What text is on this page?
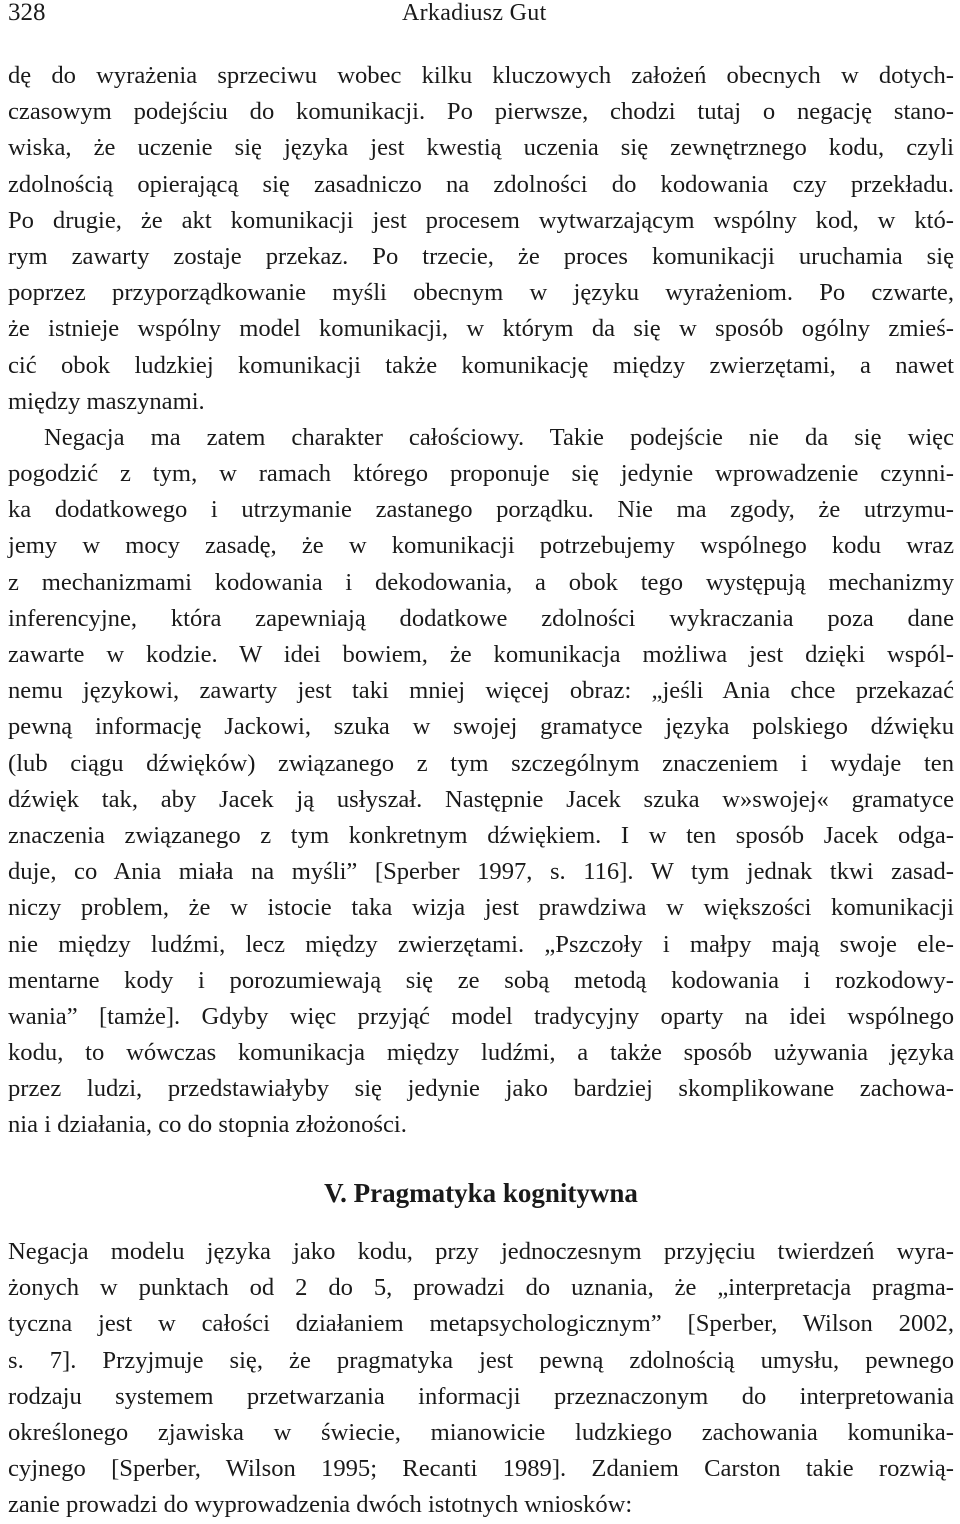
328	Arkadiusz Gut
dę do wyrażenia sprzeciwu wobec kilku kluczowych założeń obecnych w dotych-
czasowym podejściu do komunikacji. Po pierwsze, chodzi tutaj o negację stano-
wiska, że uczenie się języka jest kwestią uczenia się zewnętrznego kodu, czyli
zdolnością opierającą się zasadniczo na zdolności do kodowania czy przekładu.
Po drugie, że akt komunikacji jest procesem wytwarzającym wspólny kod, w któ-
rym zawarty zostaje przekaz. Po trzecie, że proces komunikacji uruchamia się
poprzez przyporządkowanie myśli obecnym w języku wyrażeniom. Po czwarte,
że istnieje wspólny model komunikacji, w którym da się w sposób ogólny zmieś-
cić obok ludzkiej komunikacji także komunikację między zwierzętami, a nawet
między maszynami.
Negacja ma zatem charakter całościowy. Takie podejście nie da się więc
pogodzić z tym, w ramach którego proponuje się jedynie wprowadzenie czynni-
ka dodatkowego i utrzymanie zastanego porządku. Nie ma zgody, że utrzymu-
jemy w mocy zasadę, że w komunikacji potrzebujemy wspólnego kodu wraz
z mechanizmami kodowania i dekodowania, a obok tego występują mechanizmy
inferencyjne, która zapewniają dodatkowe zdolności wykraczania poza dane
zawarte w kodzie. W idei bowiem, że komunikacja możliwa jest dzięki wspól-
nemu językowi, zawarty jest taki mniej więcej obraz: „jeśli Ania chce przekazać
pewną informację Jackowi, szuka w swojej gramatyce języka polskiego dźwięku
(lub ciągu dźwięków) związanego z tym szczególnym znaczeniem i wydaje ten
dźwięk tak, aby Jacek ją usłyszał. Następnie Jacek szuka w»swojej« gramatyce
znaczenia związanego z tym konkretnym dźwiękiem. I w ten sposób Jacek odga-
duje, co Ania miała na myśli” [Sperber 1997, s. 116]. W tym jednak tkwi zasad-
niczy problem, że w istocie taka wizja jest prawdziwa w większości komunikacji
nie między ludźmi, lecz między zwierzętami. „Pszczoły i małpy mają swoje ele-
mentarne kody i porozumiewają się ze sobą metodą kodowania i rozkodowy-
wania” [tamże]. Gdyby więc przyjąć model tradycyjny oparty na idei wspólnego
kodu, to wówczas komunikacja między ludźmi, a także sposób używania języka
przez ludzi, przedstawiałyby się jedynie jako bardziej skomplikowane zachowa-
nia i działania, co do stopnia złożoności.
V. Pragmatyka kognitywna
Negacja modelu języka jako kodu, przy jednoczesnym przyjęciu twierdzeń wyra-
żonych w punktach od 2 do 5, prowadzi do uznania, że „interpretacja pragma-
tyczna jest w całości działaniem metapsychologicznym” [Sperber, Wilson 2002,
s. 7]. Przyjmuje się, że pragmatyka jest pewną zdolnością umysłu, pewnego
rodzaju systemem przetwarzania informacji przeznaczonym do interpretowania
określonego zjawiska w świecie, mianowicie ludzkiego zachowania komunika-
cyjnego [Sperber, Wilson 1995; Recanti 1989]. Zdaniem Carston takie rozwią-
zanie prowadzi do wyprowadzenia dwóch istotnych wniosków:
